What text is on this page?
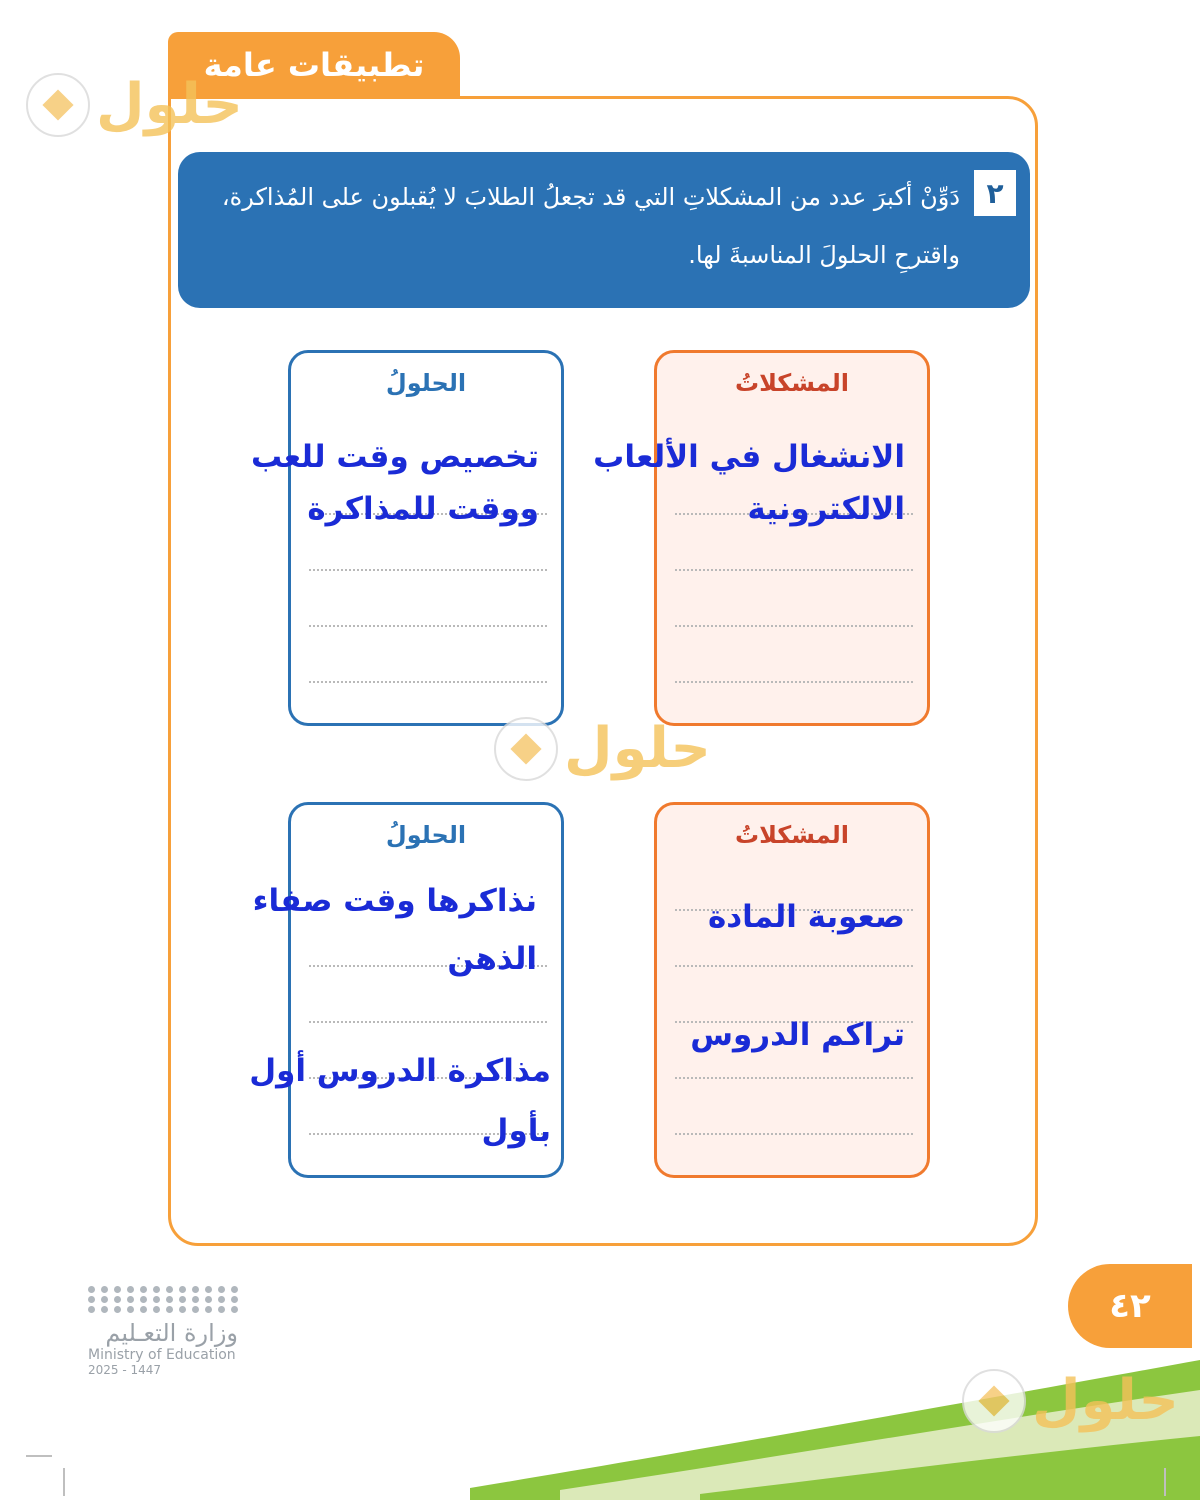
تطبيقات عامة
٢
دَوِّنْ أكبرَ عدد من المشكلاتِ التي قد تجعلُ الطلابَ لا يُقبلون على المُذاكرة، واقترحِ الحلولَ المناسبةَ لها.
المشكلاتُ
الانشغال في الألعاب
الالكترونية
الحلولُ
تخصيص وقت للعب
ووقت للمذاكرة
المشكلاتُ
صعوبة المادة
تراكم الدروس
الحلولُ
نذاكرها وقت صفاء
الذهن
مذاكرة الدروس أول
بأول
حلول
حلول
حلول
٤٢
وزارة التعـليم
Ministry of Education
2025 - 1447
